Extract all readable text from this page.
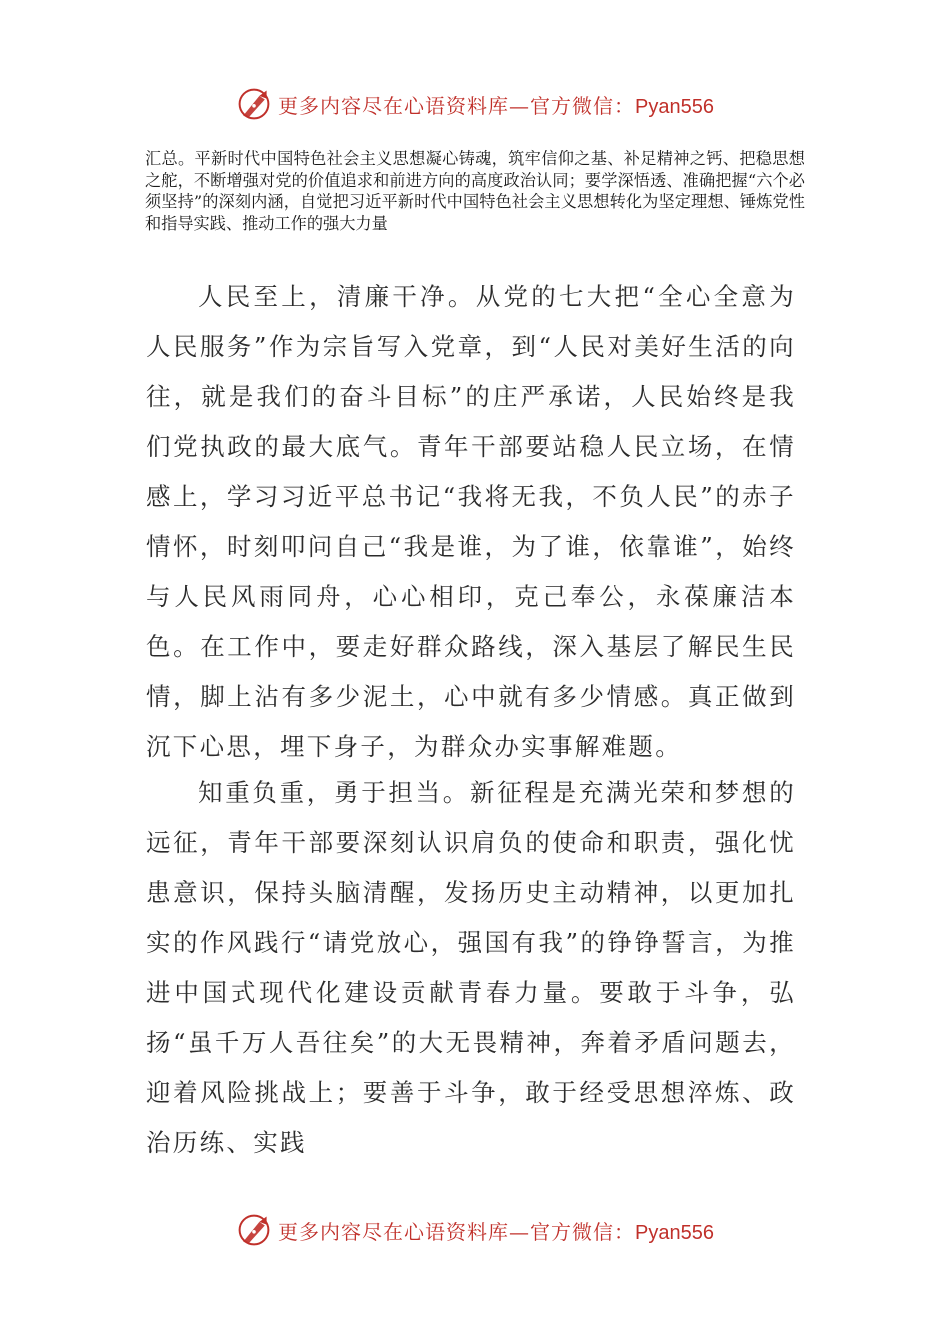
更多内容尽在心语资料库—官方微信：Pyan556

汇总。平新时代中国特色社会主义思想凝心铸魂，筑牢信仰之基、补足精神之钙、把稳思想之舵，不断增强对党的价值追求和前进方向的高度政治认同；要学深悟透、准确把握“六个必须坚持”的深刻内涵，自觉把习近平新时代中国特色社会主义思想转化为坚定理想、锤炼党性和指导实践、推动工作的强大力量

人民至上，清廉干净。从党的七大把“全心全意为人民服务”作为宗旨写入党章，到“人民对美好生活的向往，就是我们的奋斗目标”的庄严承诺，人民始终是我们党执政的最大底气。青年干部要站稳人民立场，在情感上，学习习近平总书记“我将无我，不负人民”的赤子情怀，时刻叩问自己“我是谁，为了谁，依靠谁”，始终与人民风雨同舟，心心相印，克己奉公，永葆廉洁本色。在工作中，要走好群众路线，深入基层了解民生民情，脚上沾有多少泥土，心中就有多少情感。真正做到沉下心思，埋下身子，为群众办实事解难题。

知重负重，勇于担当。新征程是充满光荣和梦想的远征，青年干部要深刻认识肩负的使命和职责，强化忧患意识，保持头脑清醒，发扬历史主动精神，以更加扎实的作风践行“请党放心，强国有我”的铮铮誓言，为推进中国式现代化建设贡献青春力量。要敢于斗争，弘扬“虽千万人吾往矣”的大无畏精神，奔着矛盾问题去，迎着风险挑战上；要善于斗争，敢于经受思想淬炼、政治历练、实践

更多内容尽在心语资料库—官方微信：Pyan556
